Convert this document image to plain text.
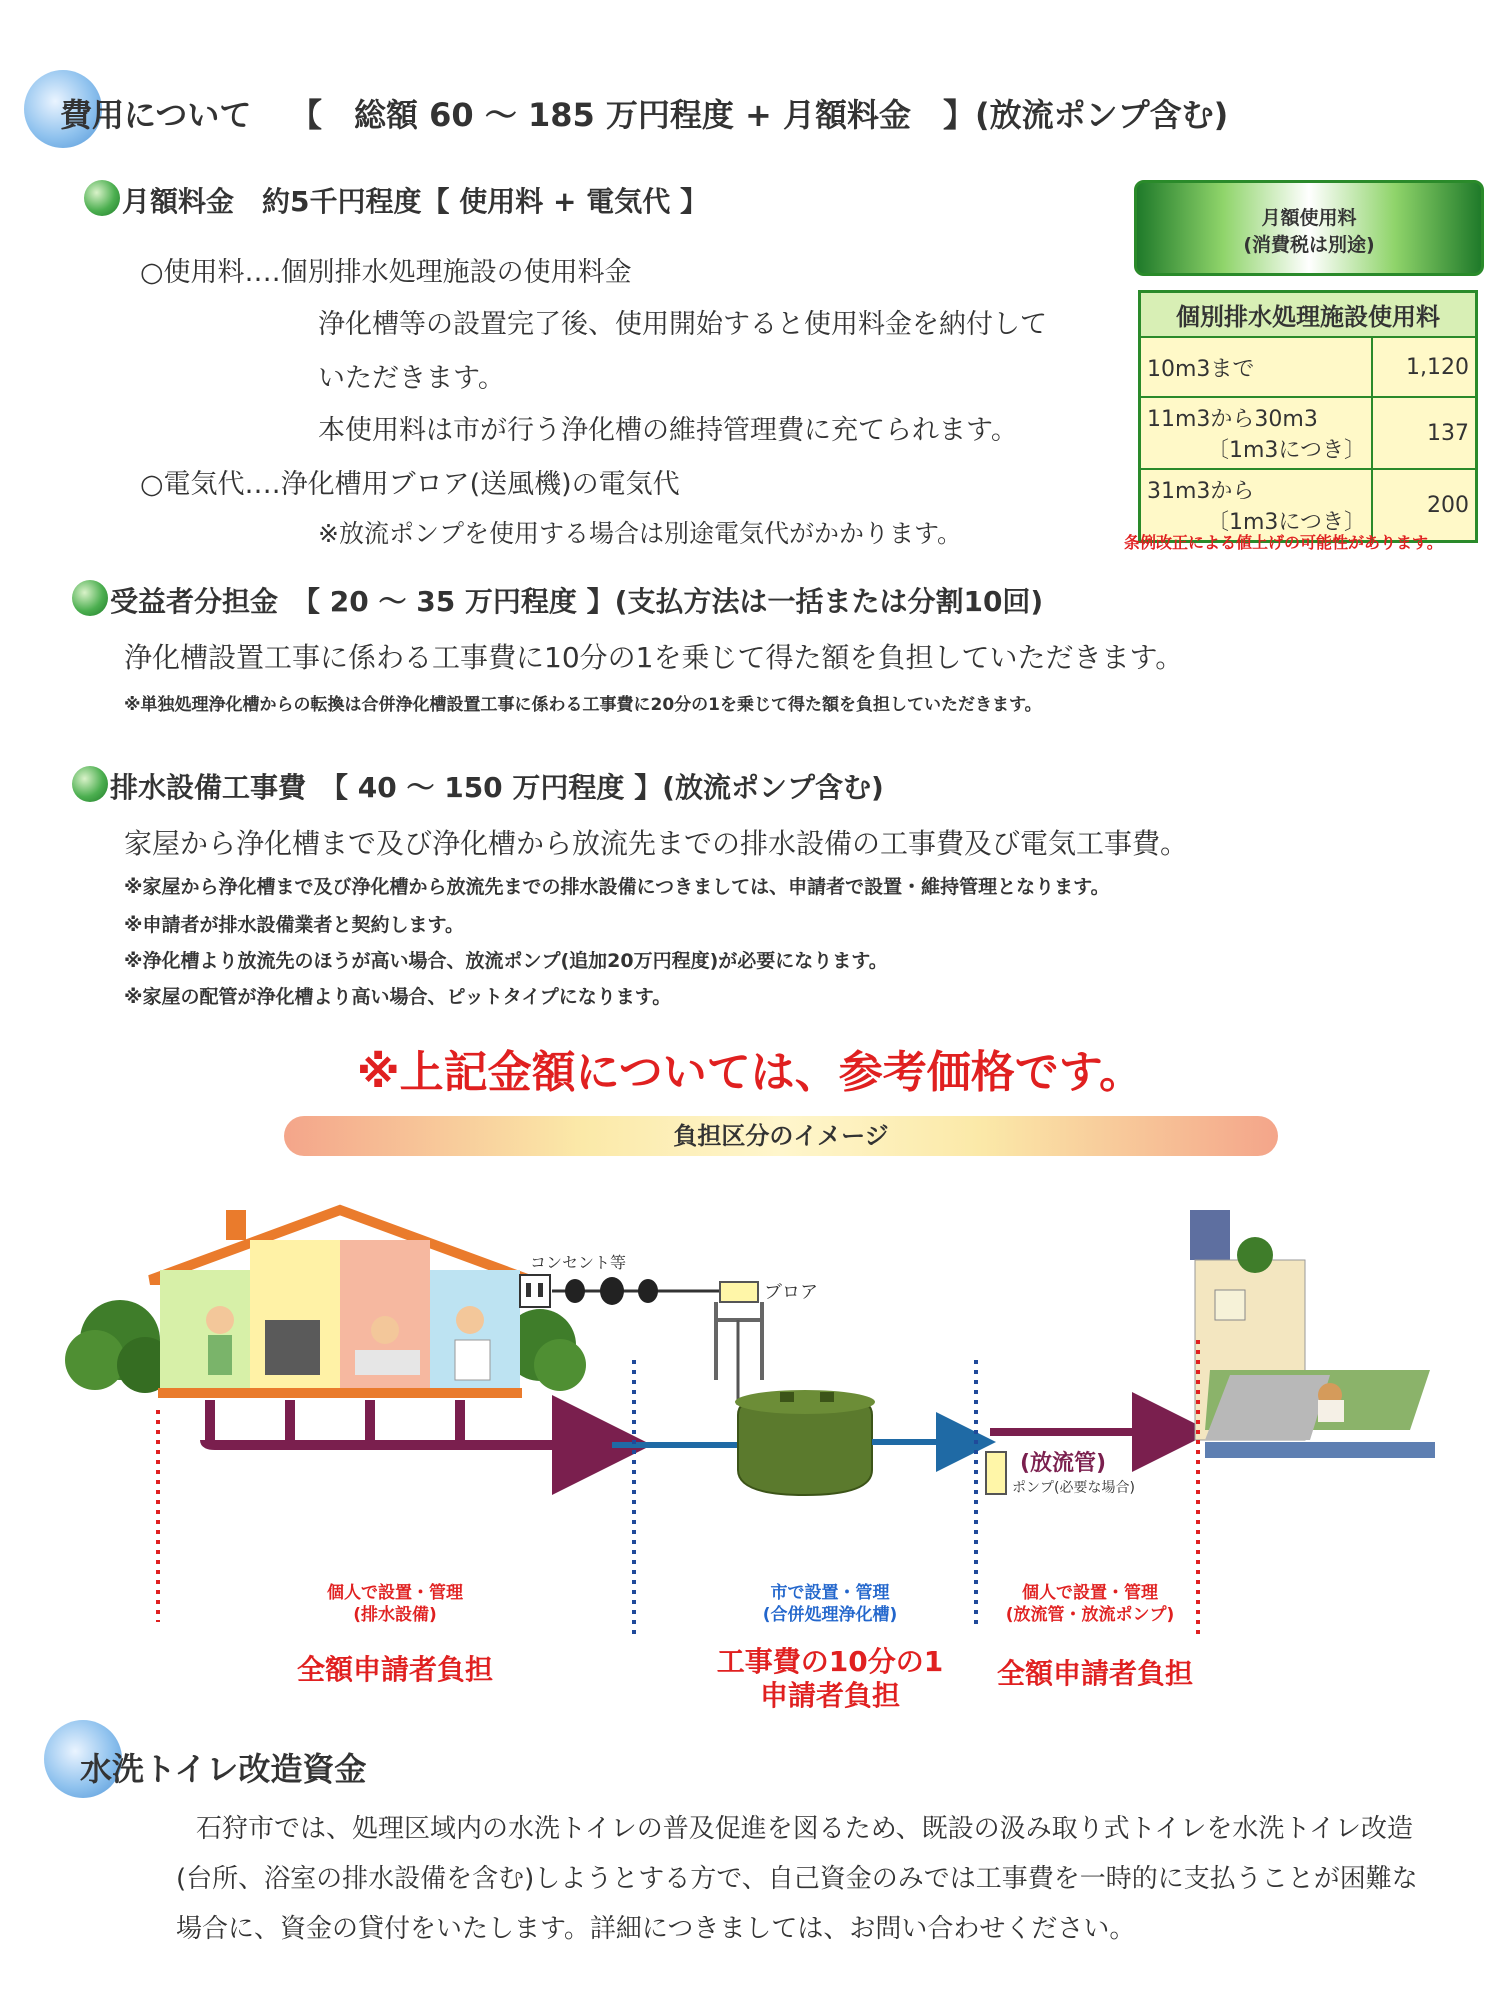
費用について 【　総額 60 ～ 185 万円程度 + 月額料金　】(放流ポンプ含む)
月額料金　約5千円程度【 使用料 + 電気代 】
○使用料‥‥個別排水処理施設の使用料金
浄化槽等の設置完了後、使用開始すると使用料金を納付して
いただきます。
本使用料は市が行う浄化槽の維持管理費に充てられます。
○電気代‥‥浄化槽用ブロア(送風機)の電気代
※放流ポンプを使用する場合は別途電気代がかかります。
月額使用料
(消費税は別途)
個別排水処理施設使用料	
10m3まで	1,120

11m3から30m3
〔1m3につき〕	137

31m3から
〔1m3につき〕	200
条例改正による値上げの可能性があります。
受益者分担金　【 20 ～ 35 万円程度 】(支払方法は一括または分割10回)
浄化槽設置工事に係わる工事費に10分の1を乗じて得た額を負担していただきます。
※単独処理浄化槽からの転換は合併浄化槽設置工事に係わる工事費に20分の1を乗じて得た額を負担していただきます。
排水設備工事費　【 40 ～ 150 万円程度 】(放流ポンプ含む)
家屋から浄化槽まで及び浄化槽から放流先までの排水設備の工事費及び電気工事費。
※家屋から浄化槽まで及び浄化槽から放流先までの排水設備につきましては、申請者で設置・維持管理となります。
※申請者が排水設備業者と契約します。
※浄化槽より放流先のほうが高い場合、放流ポンプ(追加20万円程度)が必要になります。
※家屋の配管が浄化槽より高い場合、ピットタイプになります。
※上記金額については、参考価格です。
負担区分のイメージ
コンセント等
ブロア
(放流管)
ポンプ(必要な場合)
個人で設置・管理
(排水設備)
全額申請者負担
市で設置・管理
(合併処理浄化槽)
工事費の10分の1
申請者負担
個人で設置・管理
(放流管・放流ポンプ)
全額申請者負担
水洗トイレ改造資金
石狩市では、処理区域内の水洗トイレの普及促進を図るため、既設の汲み取り式トイレを水洗トイレ改造
(台所、浴室の排水設備を含む)しようとする方で、自己資金のみでは工事費を一時的に支払うことが困難な
場合に、資金の貸付をいたします。詳細につきましては、お問い合わせください。
